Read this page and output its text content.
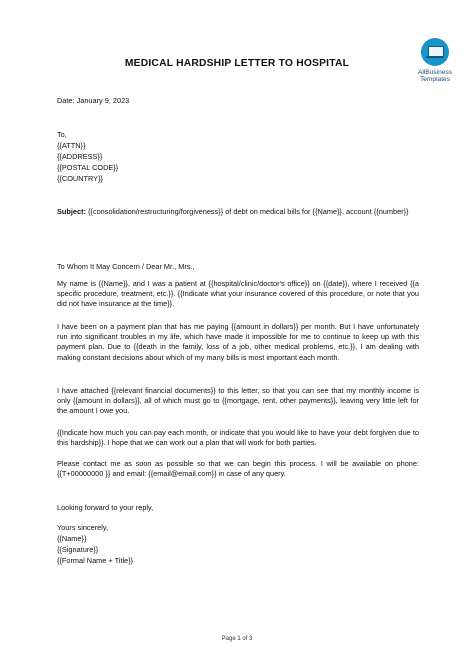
AllBusiness
Templates
MEDICAL HARDSHIP LETTER TO HOSPITAL
Date: January 9, 2023
To,
{{ATTN}}
{{ADDRESS}}
{{POSTAL CODE}}
{{COUNTRY}}
Subject: {{consolidation/restructuring/forgiveness}} of debt on medical bills for {{Name}}, account {{number}}
To Whom It May Concern / Dear Mr., Mrs.,
My name is {{Name}}, and I was a patient at {{hospital/clinic/doctor's office}} on {{date}}, where I received {{a specific procedure, treatment, etc.}}. {{Indicate what your insurance covered of this procedure, or note that you did not have insurance at the time}}.
I have been on a payment plan that has me paying {{amount in dollars}} per month. But I have unfortunately run into significant troubles in my life, which have made it impossible for me to continue to keep up with this payment plan. Due to {{death in the family, loss of a job, other medical problems, etc.}}, I am dealing with making constant decisions about which of my many bills is most important each month.
I have attached {{relevant financial documents}} to this letter, so that you can see that my monthly income is only {{amount in dollars}}, all of which must go to {{mortgage, rent, other payments}}, leaving very little left for the amount I owe you.
{{Indicate how much you can pay each month, or indicate that you would like to have your debt forgiven due to this hardship}}. I hope that we can work out a plan that will work for both parties.
Please contact me as soon as possible so that we can begin this process. I will be available on phone: {{T+00000000 }} and email: {{email@email.com}} in case of any query.
Looking forward to your reply,
Yours sincerely,
{{Name}}
{{Signature}}
{{Formal Name + Title}}
Page 1 of 3
